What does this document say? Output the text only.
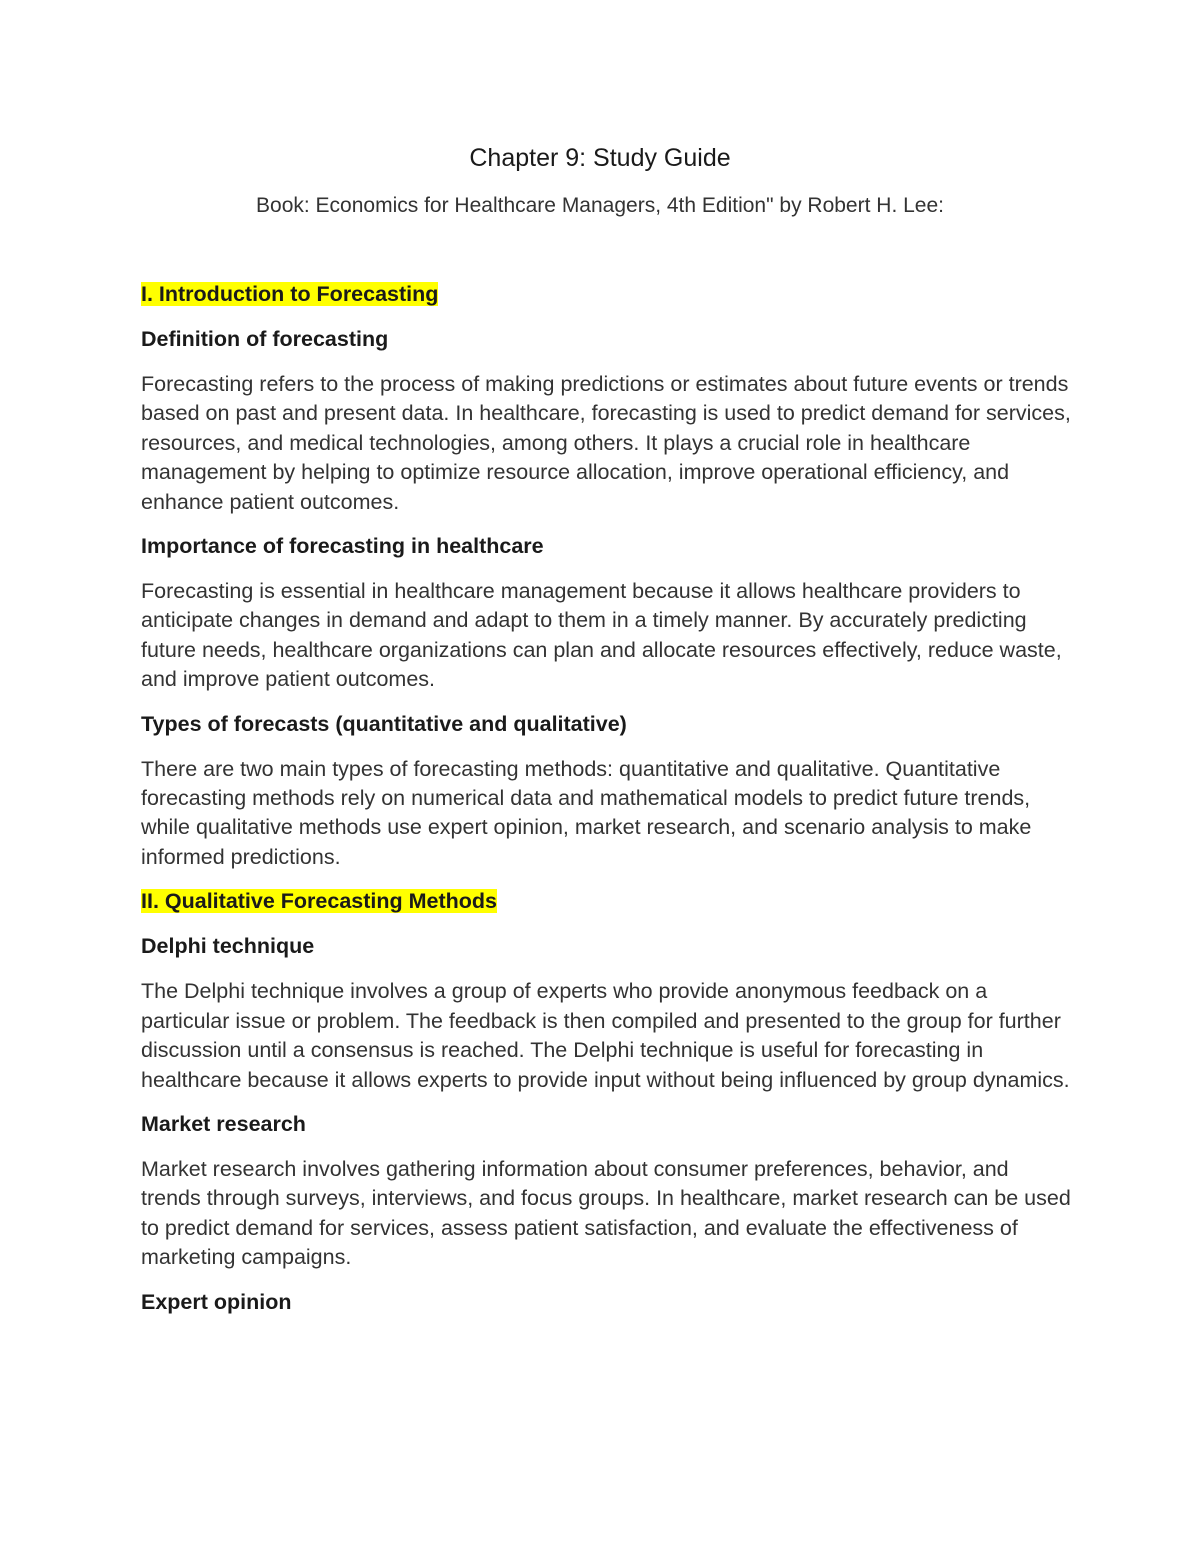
Chapter 9: Study Guide

Book: Economics for Healthcare Managers, 4th Edition" by Robert H. Lee:

I. Introduction to Forecasting
Definition of forecasting

Forecasting refers to the process of making predictions or estimates about future events or trends based on past and present data. In healthcare, forecasting is used to predict demand for services, resources, and medical technologies, among others. It plays a crucial role in healthcare management by helping to optimize resource allocation, improve operational efficiency, and enhance patient outcomes.

Importance of forecasting in healthcare

Forecasting is essential in healthcare management because it allows healthcare providers to anticipate changes in demand and adapt to them in a timely manner. By accurately predicting future needs, healthcare organizations can plan and allocate resources effectively, reduce waste, and improve patient outcomes.

Types of forecasts (quantitative and qualitative)

There are two main types of forecasting methods: quantitative and qualitative. Quantitative forecasting methods rely on numerical data and mathematical models to predict future trends, while qualitative methods use expert opinion, market research, and scenario analysis to make informed predictions.

II. Qualitative Forecasting Methods
Delphi technique

The Delphi technique involves a group of experts who provide anonymous feedback on a particular issue or problem. The feedback is then compiled and presented to the group for further discussion until a consensus is reached. The Delphi technique is useful for forecasting in healthcare because it allows experts to provide input without being influenced by group dynamics.

Market research

Market research involves gathering information about consumer preferences, behavior, and trends through surveys, interviews, and focus groups. In healthcare, market research can be used to predict demand for services, assess patient satisfaction, and evaluate the effectiveness of marketing campaigns.

Expert opinion
